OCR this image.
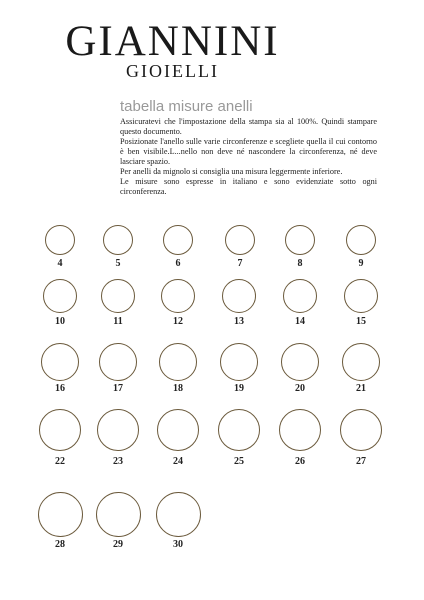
GIANNINI
GIOIELLI
tabella misure anelli

Assicuratevi che l'impostazione della stampa sia al 100%. Quindi stampare questo documento.

Posizionate l'anello sulle varie circonferenze e scegliete quella il cui contorno è ben visibile.L...nello non deve né nascondere la circonferenza, né deve lasciare spazio.

Per anelli da mignolo si consiglia una misura leggermente inferiore.

Le misure sono espresse in italiano e sono evidenziate sotto ogni circonferenza.

4	5	6	7	8	9
10	11	12	13	14	15
16	17	18	19	20	21
22	23	24	25	26	27
28	29	30
